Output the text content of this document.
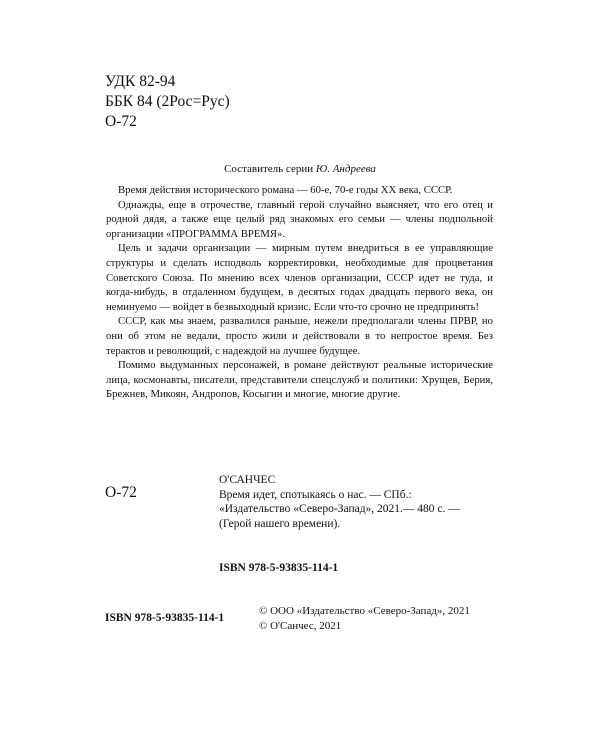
УДК 82-94
ББК 84 (2Рос=Рус)
О-72
Составитель серии Ю. Андреева

Время действия исторического романа — 60-е, 70-е годы XX века, СССР.

Однажды, еще в отрочестве, главный герой случайно выясняет, что его отец и родной дядя, а также еще целый ряд знакомых его семьи — члены подпольной организации «ПРОГРАММА ВРЕМЯ».

Цель и задачи организации — мирным путем внедриться в ее управляющие структуры и сделать исподволь корректировки, необходимые для процветания Советского Союза. По мнению всех членов организации, СССР идет не туда, и когда-нибудь, в отдаленном будущем, в десятых годах двадцать первого века, он неминуемо — войдет в безвыходный кризис. Если что-то срочно не предпринять!

СССР, как мы знаем, развалился раньше, нежели предполагали члены ПРВР, но они об этом не ведали, просто жили и действовали в то непростое время. Без терактов и револющий, с надеждой на лучшее будущее.

Помимо выдуманных персонажей, в романе действуют реальные исторические лица, космонавты, писатели, представители спецслужб и политики: Хрущев, Берия, Брежнев, Микоян, Андропов, Косыгин и многие, многие другие.

О-72
О'САНЧЕС
Время идет, спотыкаясь о нас. — СПб.:
«Издательство «Северо-Запад», 2021.— 480 с. —
(Герой нашего времени).
ISBN 978-5-93835-114-1
ISBN 978-5-93835-114-1
© ООО «Издательство «Северо-Запад», 2021
© О'Санчес, 2021
